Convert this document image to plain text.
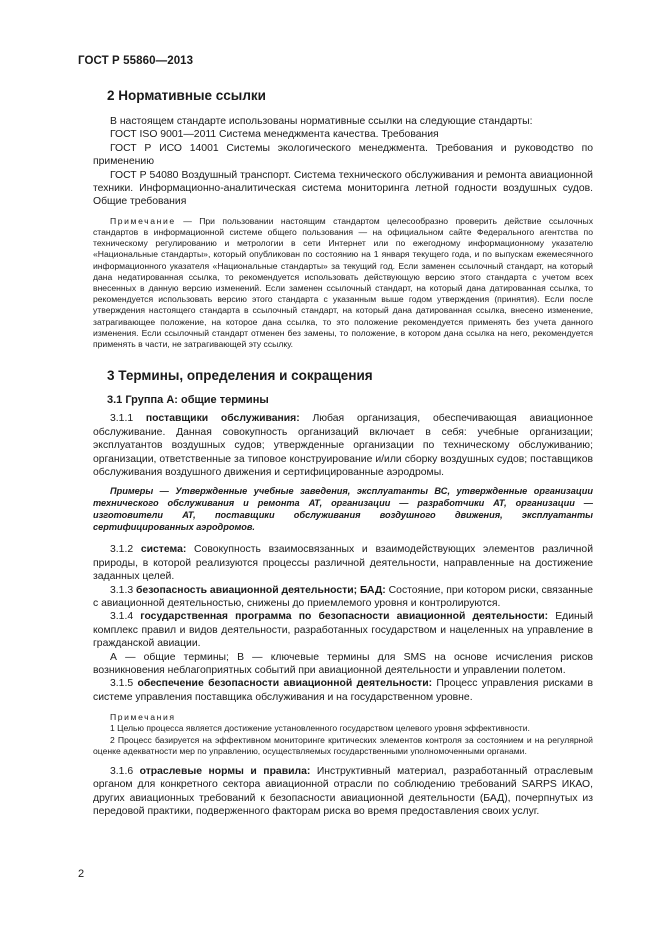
ГОСТ Р 55860—2013
2 Нормативные ссылки

В настоящем стандарте использованы нормативные ссылки на следующие стандарты:

ГОСТ ISO 9001—2011 Система менеджмента качества. Требования

ГОСТ Р ИСО 14001 Системы экологического менеджмента. Требования и руководство по применению

ГОСТ Р 54080 Воздушный транспорт. Система технического обслуживания и ремонта авиационной техники. Информационно-аналитическая система мониторинга летной годности воздушных судов. Общие требования

Примечание — При пользовании настоящим стандартом целесообразно проверить действие ссылочных стандартов в информационной системе общего пользования — на официальном сайте Федерального агентства по техническому регулированию и метрологии в сети Интернет или по ежегодному информационному указателю «Национальные стандарты», который опубликован по состоянию на 1 января текущего года, и по выпускам ежемесячного информационного указателя «Национальные стандарты» за текущий год. Если заменен ссылочный стандарт, на который дана недатированная ссылка, то рекомендуется использовать действующую версию этого стандарта с учетом всех внесенных в данную версию изменений. Если заменен ссылочный стандарт, на который дана датированная ссылка, то рекомендуется использовать версию этого стандарта с указанным выше годом утверждения (принятия). Если после утверждения настоящего стандарта в ссылочный стандарт, на который дана датированная ссылка, внесено изменение, затрагивающее положение, на которое дана ссылка, то это положение рекомендуется применять без учета данного изменения. Если ссылочный стандарт отменен без замены, то положение, в котором дана ссылка на него, рекомендуется применять в части, не затрагивающей эту ссылку.

3 Термины, определения и сокращения
3.1 Группа А: общие термины

3.1.1 поставщики обслуживания: Любая организация, обеспечивающая авиационное обслуживание. Данная совокупность организаций включает в себя: учебные организации; эксплуатантов воздушных судов; утвержденные организации по техническому обслуживанию; организации, ответственные за типовое конструирование и/или сборку воздушных судов; поставщиков обслуживания воздушного движения и сертифицированные аэродромы.

Примеры — Утвержденные учебные заведения, эксплуатанты ВС, утвержденные организации технического обслуживания и ремонта АТ, организации — разработчики АТ, организации — изготовители АТ, поставщики обслуживания воздушного движения, эксплуатанты сертифицированных аэродромов.

3.1.2 система: Совокупность взаимосвязанных и взаимодействующих элементов различной природы, в которой реализуются процессы различной деятельности, направленные на достижение заданных целей.

3.1.3 безопасность авиационной деятельности; БАД: Состояние, при котором риски, связанные с авиационной деятельностью, снижены до приемлемого уровня и контролируются.

3.1.4 государственная программа по безопасности авиационной деятельности: Единый комплекс правил и видов деятельности, разработанных государством и нацеленных на управление в гражданской авиации.

А — общие термины; В — ключевые термины для SMS на основе исчисления рисков возникновения неблагоприятных событий при авиационной деятельности и управлении полетом.

3.1.5 обеспечение безопасности авиационной деятельности: Процесс управления рисками в системе управления поставщика обслуживания и на государственном уровне.

Примечания

1 Целью процесса является достижение установленного государством целевого уровня эффективности.

2 Процесс базируется на эффективном мониторинге критических элементов контроля за состоянием и на регулярной оценке адекватности мер по управлению, осуществляемых государственными уполномоченными органами.

3.1.6 отраслевые нормы и правила: Инструктивный материал, разработанный отраслевым органом для конкретного сектора авиационной отрасли по соблюдению требований SARPS ИКАО, других авиационных требований к безопасности авиационной деятельности (БАД), почерпнутых из передовой практики, подверженного факторам риска во время предоставления своих услуг.

2
